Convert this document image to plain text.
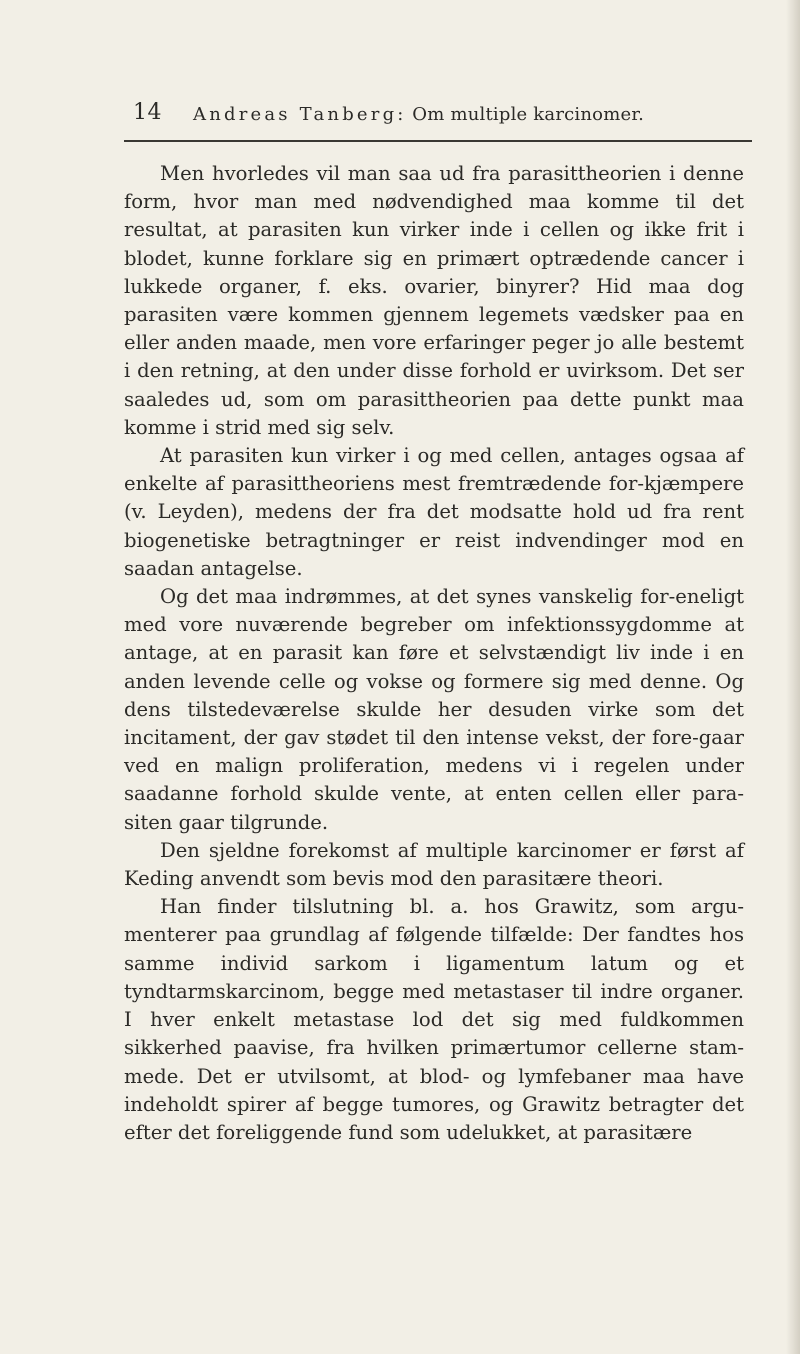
14 Andreas Tanberg: Om multiple karcinomer.

Men hvorledes vil man saa ud fra parasittheorien i denne form, hvor man med nødvendighed maa komme til det resultat, at parasiten kun virker inde i cellen og ikke frit i blodet, kunne forklare sig en primært optrædende cancer i lukkede organer, f. eks. ovarier, binyrer? Hid maa dog parasiten være kommen gjennem legemets vædsker paa en eller anden maade, men vore erfaringer peger jo alle bestemt i den retning, at den under disse forhold er uvirksom. Det ser saaledes ud, som om parasittheorien paa dette punkt maa komme i strid med sig selv.

At parasiten kun virker i og med cellen, antages ogsaa af enkelte af parasittheoriens mest fremtrædende for-kjæmpere (v. Leyden), medens der fra det modsatte hold ud fra rent biogenetiske betragtninger er reist indvendinger mod en saadan antagelse.

Og det maa indrømmes, at det synes vanskelig for-eneligt med vore nuværende begreber om infektionssygdomme at antage, at en parasit kan føre et selvstændigt liv inde i en anden levende celle og vokse og formere sig med denne. Og dens tilstedeværelse skulde her desuden virke som det incitament, der gav stødet til den intense vekst, der fore-gaar ved en malign proliferation, medens vi i regelen under saadanne forhold skulde vente, at enten cellen eller para-siten gaar tilgrunde.

Den sjeldne forekomst af multiple karcinomer er først af Keding anvendt som bevis mod den parasitære theori.

Han finder tilslutning bl. a. hos Grawitz, som argu-menterer paa grundlag af følgende tilfælde: Der fandtes hos samme individ sarkom i ligamentum latum og et tyndtarmskarcinom, begge med metastaser til indre organer. I hver enkelt metastase lod det sig med fuldkommen sikkerhed paavise, fra hvilken primærtumor cellerne stam-mede. Det er utvilsomt, at blod- og lymfebaner maa have indeholdt spirer af begge tumores, og Grawitz betragter det efter det foreliggende fund som udelukket, at parasitære
